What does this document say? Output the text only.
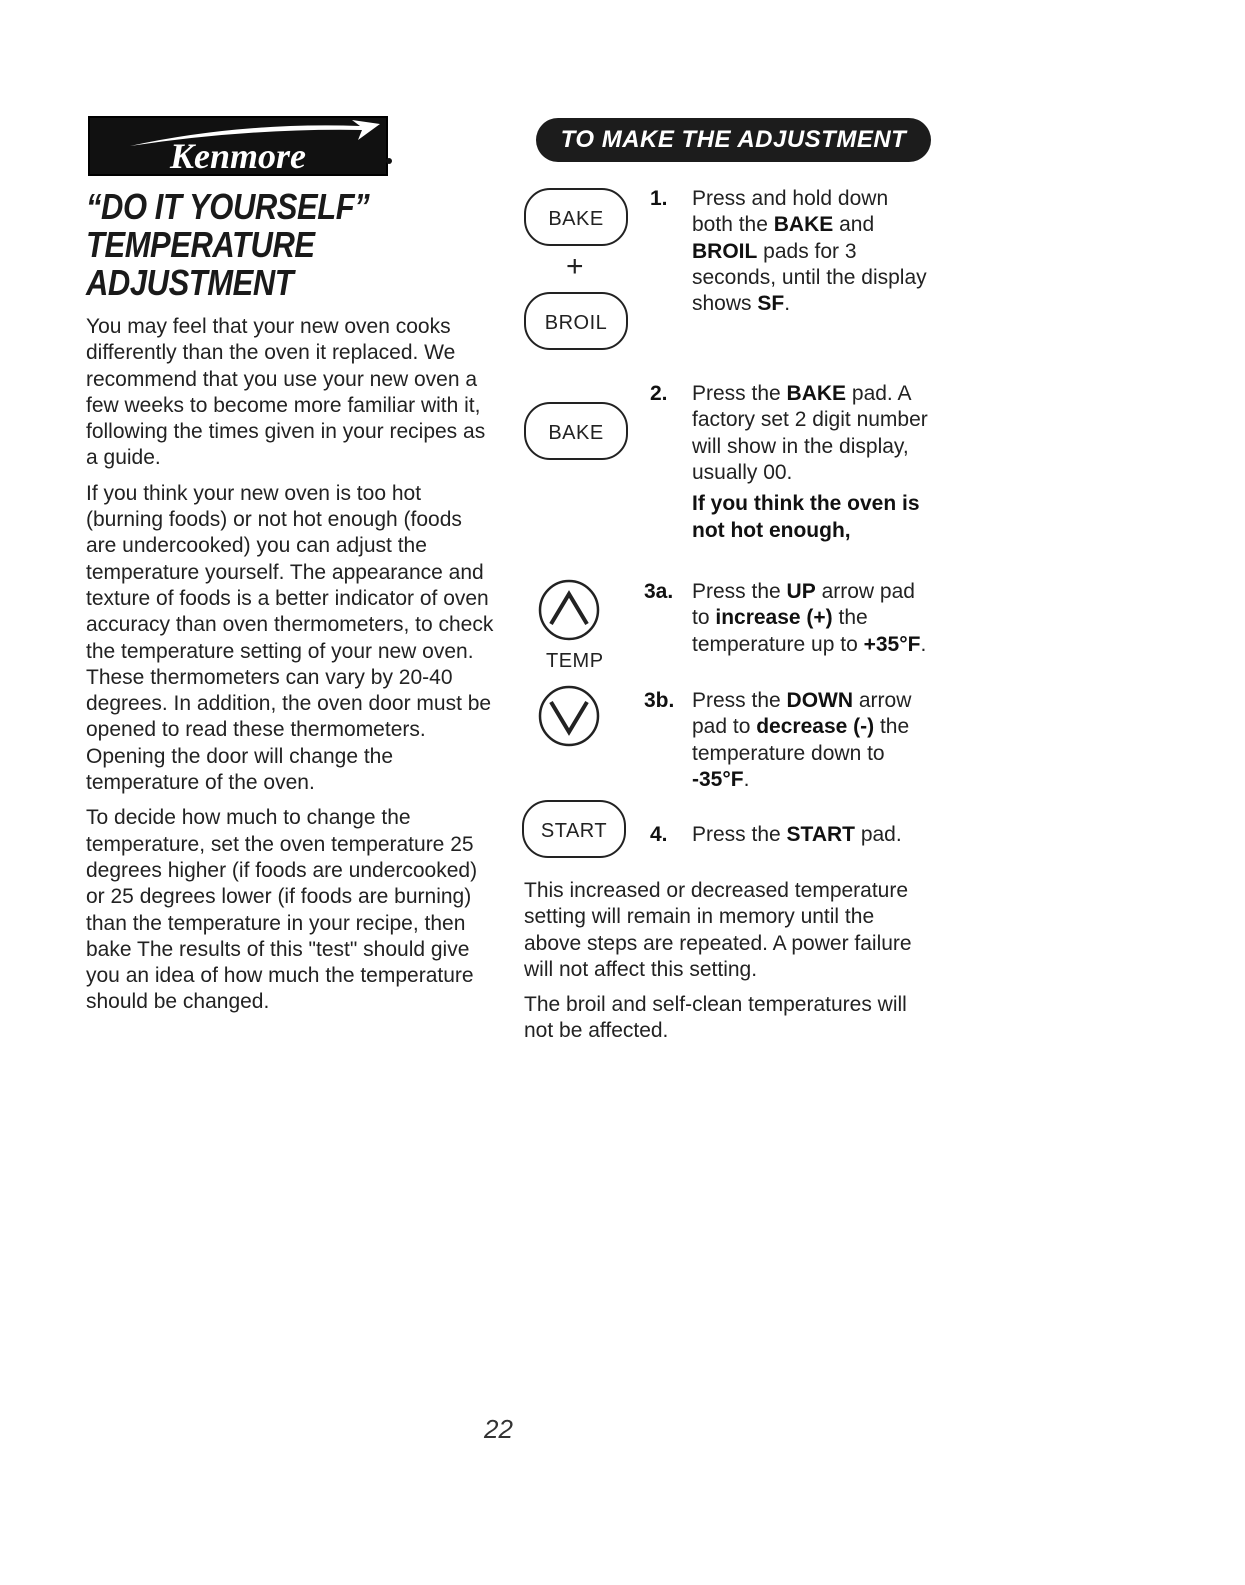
Kenmore
“DO IT YOURSELF”
TEMPERATURE
ADJUSTMENT

You may feel that your new oven cooks differently than the oven it replaced. We recommend that you use your new oven a few weeks to become more familiar with it, following the times given in your recipes as a guide.

If you think your new oven is too hot (burning foods) or not hot enough (foods are undercooked) you can adjust the temperature yourself. The appearance and texture of foods is a better indicator of oven accuracy than oven thermometers, to check the temperature setting of your new oven. These thermometers can vary by 20-40 degrees. In addition, the oven door must be opened to read these thermometers. Opening the door will change the temperature of the oven.

To decide how much to change the temperature, set the oven temperature 25 degrees higher (if foods are undercooked) or 25 degrees lower (if foods are burning) than the temperature in your recipe, then bake The results of this "test" should give you an idea of how much the temperature should be changed.

TO MAKE THE ADJUSTMENT
BAKE
+
BROIL
BAKE
TEMP
START
1. Press and hold down both the BAKE and BROIL pads for 3 seconds, until the display shows SF.
2. Press the BAKE pad. A factory set 2 digit number will show in the display, usually 00.
If you think the oven is not hot enough,
3a. Press the UP arrow pad to increase (+) the temperature up to +35°F.
3b. Press the DOWN arrow pad to decrease (-) the temperature down to -35°F.
4. Press the START pad.

This increased or decreased temperature setting will remain in memory until the above steps are repeated. A power failure will not affect this setting.

The broil and self-clean temperatures will not be affected.

22
